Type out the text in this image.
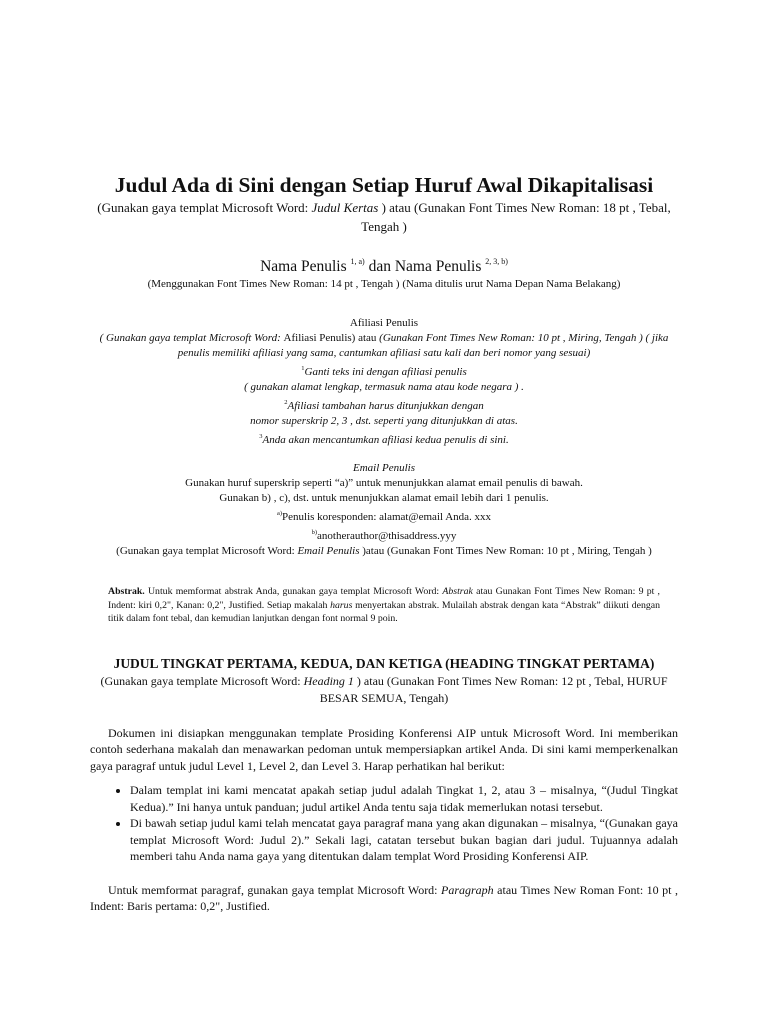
Judul Ada di Sini dengan Setiap Huruf Awal Dikapitalisasi

(Gunakan gaya templat Microsoft Word: Judul Kertas ) atau (Gunakan Font Times New Roman: 18 pt , Tebal, Tengah )

Nama Penulis $^{1, a)}$ dan Nama Penulis $^{2, 3, b)}$
(Menggunakan Font Times New Roman: 14 pt , Tengah ) (Nama ditulis urut Nama Depan Nama Belakang)
Afiliasi Penulis
( Gunakan gaya templat Microsoft Word: Afiliasi Penulis) atau (Gunakan Font Times New Roman: 10 pt , Miring, Tengah ) ( jika penulis memiliki afiliasi yang sama, cantumkan afiliasi satu kali dan beri nomor yang sesuai)
$^1$Ganti teks ini dengan afiliasi penulis
( gunakan alamat lengkap, termasuk nama atau kode negara ) .
$^2$Afiliasi tambahan harus ditunjukkan dengan
nomor superskrip 2, 3 , dst. seperti yang ditunjukkan di atas.
$^3$Anda akan mencantumkan afiliasi kedua penulis di sini.
Email Penulis
Gunakan huruf superskrip seperti “a)” untuk menunjukkan alamat email penulis di bawah.
Gunakan b) , c), dst. untuk menunjukkan alamat email lebih dari 1 penulis.
$^{a)}$Penulis koresponden: alamat@email Anda. xxx
$^{b)}$anotherauthor@thisaddress.yyy
(Gunakan gaya templat Microsoft Word: Email Penulis )atau (Gunakan Font Times New Roman: 10 pt , Miring, Tengah )

Abstrak. Untuk memformat abstrak Anda, gunakan gaya templat Microsoft Word: Abstrak atau Gunakan Font Times New Roman: 9 pt , Indent: kiri 0,2", Kanan: 0,2", Justified. Setiap makalah harus menyertakan abstrak. Mulailah abstrak dengan kata “Abstrak” diikuti dengan titik dalam font tebal, dan kemudian lanjutkan dengan font normal 9 poin.

JUDUL TINGKAT PERTAMA, KEDUA, DAN KETIGA (HEADING TINGKAT PERTAMA)
(Gunakan gaya template Microsoft Word: Heading 1 ) atau (Gunakan Font Times New Roman: 12 pt , Tebal, HURUF BESAR SEMUA, Tengah)

Dokumen ini disiapkan menggunakan template Prosiding Konferensi AIP untuk Microsoft Word. Ini memberikan contoh sederhana makalah dan menawarkan pedoman untuk mempersiapkan artikel Anda. Di sini kami memperkenalkan gaya paragraf untuk judul Level 1, Level 2, dan Level 3. Harap perhatikan hal berikut:

• Dalam templat ini kami mencatat apakah setiap judul adalah Tingkat 1, 2, atau 3 – misalnya, “(Judul Tingkat Kedua).” Ini hanya untuk panduan; judul artikel Anda tentu saja tidak memerlukan notasi tersebut.
• Di bawah setiap judul kami telah mencatat gaya paragraf mana yang akan digunakan – misalnya, “(Gunakan gaya templat Microsoft Word: Judul 2).” Sekali lagi, catatan tersebut bukan bagian dari judul. Tujuannya adalah memberi tahu Anda nama gaya yang ditentukan dalam templat Word Prosiding Konferensi AIP.

Untuk memformat paragraf, gunakan gaya templat Microsoft Word: Paragraph atau Times New Roman Font: 10 pt , Indent: Baris pertama: 0,2", Justified.
